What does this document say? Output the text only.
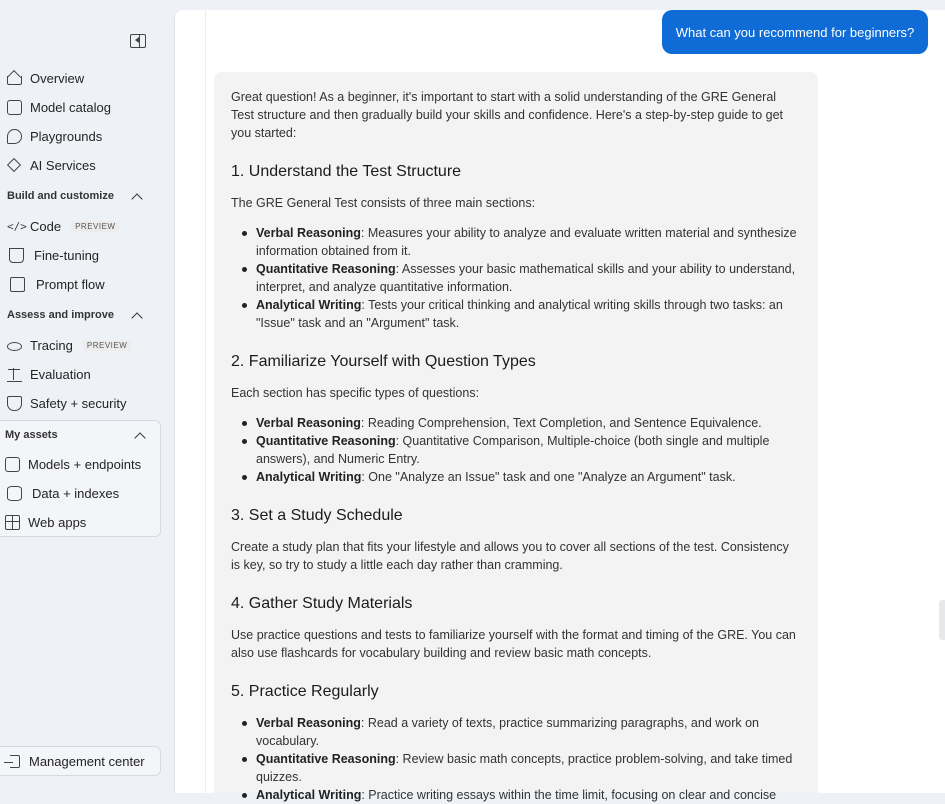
Overview
Model catalog
Playgrounds
AI Services
Build and customize
</> Code	PREVIEW
Fine-tuning
Prompt flow
Assess and improve
Tracing	PREVIEW
Evaluation
Safety + security
My assets
Models + endpoints
Data + indexes
Web apps
Management center
What can you recommend for beginners?

Great question! As a beginner, it's important to start with a solid understanding of the GRE General Test structure and then gradually build your skills and confidence. Here's a step-by-step guide to get you started:

1. Understand the Test Structure

The GRE General Test consists of three main sections:

Verbal Reasoning: Measures your ability to analyze and evaluate written material and synthesize information obtained from it.
Quantitative Reasoning: Assesses your basic mathematical skills and your ability to understand, interpret, and analyze quantitative information.
Analytical Writing: Tests your critical thinking and analytical writing skills through two tasks: an "Issue" task and an "Argument" task.
2. Familiarize Yourself with Question Types

Each section has specific types of questions:

Verbal Reasoning: Reading Comprehension, Text Completion, and Sentence Equivalence.
Quantitative Reasoning: Quantitative Comparison, Multiple-choice (both single and multiple answers), and Numeric Entry.
Analytical Writing: One "Analyze an Issue" task and one "Analyze an Argument" task.
3. Set a Study Schedule

Create a study plan that fits your lifestyle and allows you to cover all sections of the test. Consistency is key, so try to study a little each day rather than cramming.

4. Gather Study Materials

Use practice questions and tests to familiarize yourself with the format and timing of the GRE. You can also use flashcards for vocabulary building and review basic math concepts.

5. Practice Regularly
Verbal Reasoning: Read a variety of texts, practice summarizing paragraphs, and work on vocabulary.
Quantitative Reasoning: Review basic math concepts, practice problem-solving, and take timed quizzes.
Analytical Writing: Practice writing essays within the time limit, focusing on clear and concise
